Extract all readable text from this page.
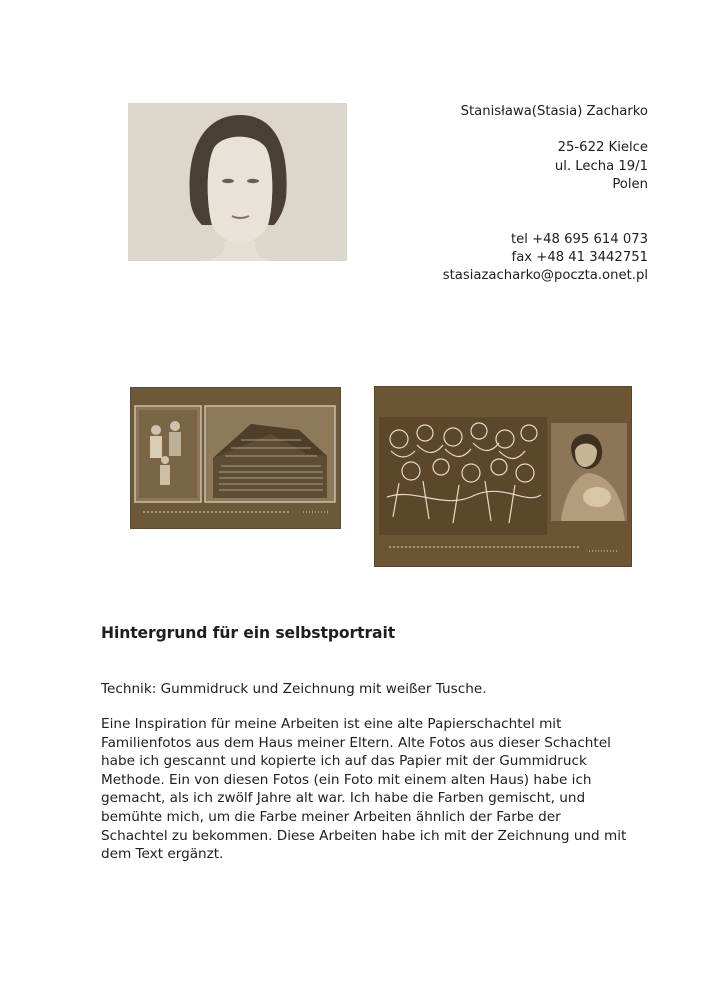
Stanisława(Stasia) Zacharko
25-622 Kielce
ul. Lecha 19/1
Polen
tel +48 695 614 073
fax +48 41 3442751
stasiazacharko@poczta.onet.pl
Hintergrund für ein selbstportrait
Technik: Gummidruck und Zeichnung mit weißer Tusche.
Eine Inspiration für meine Arbeiten ist eine alte Papierschachtel mit
Familienfotos aus dem Haus meiner Eltern. Alte Fotos aus dieser Schachtel
habe ich gescannt und kopierte ich auf das Papier mit der Gummidruck
Methode. Ein von diesen Fotos (ein Foto mit einem alten Haus) habe ich
gemacht, als ich zwölf Jahre alt war. Ich habe die Farben gemischt, und
bemühte mich, um die Farbe meiner Arbeiten ähnlich der Farbe der
Schachtel zu bekommen. Diese Arbeiten habe ich mit der Zeichnung und mit
dem Text ergänzt.
